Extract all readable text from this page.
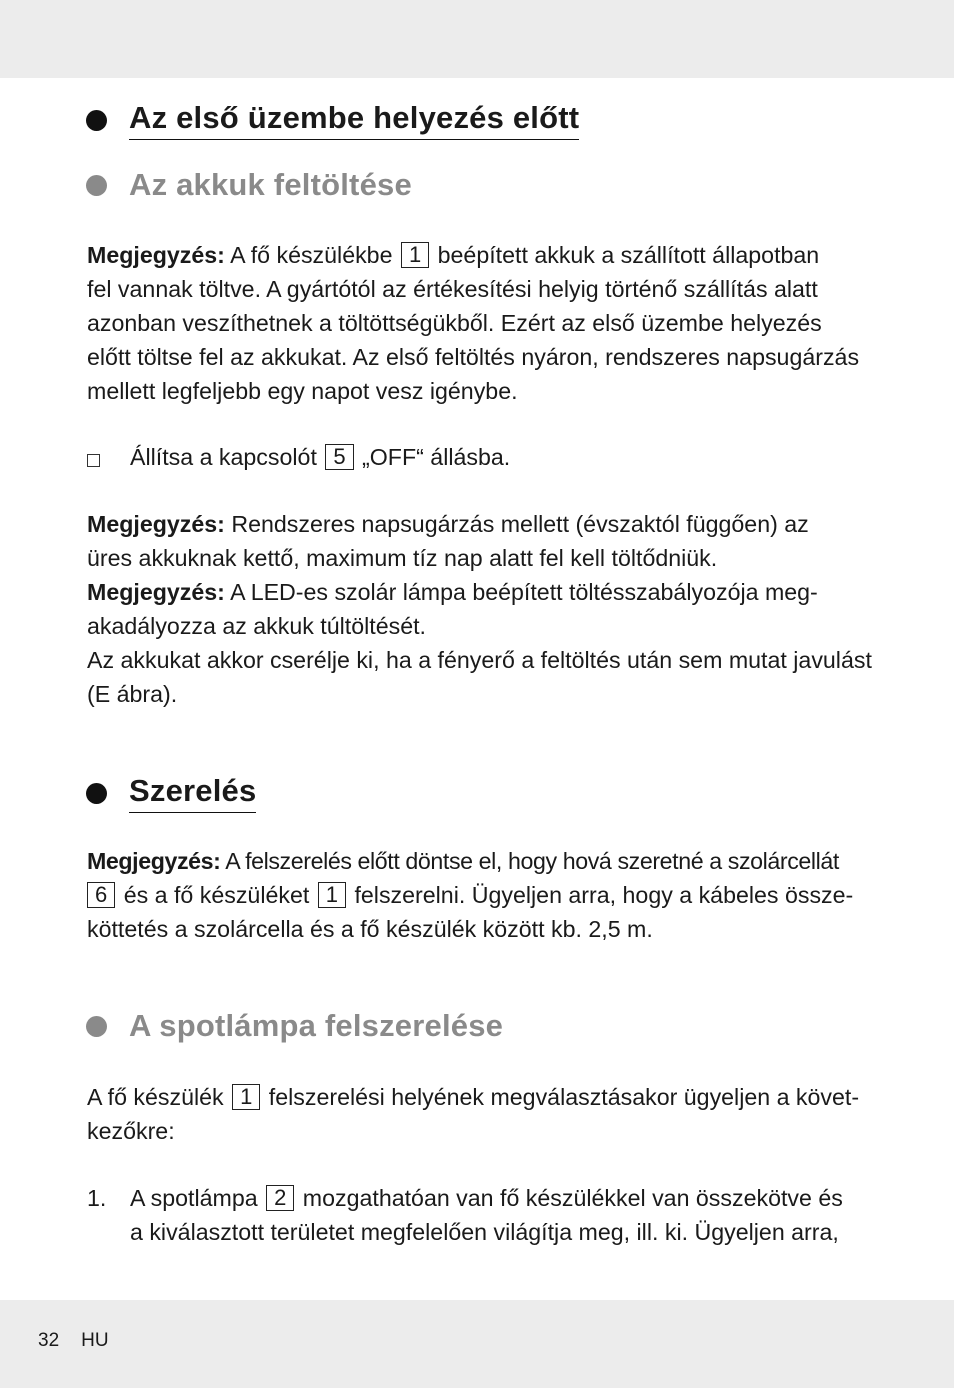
Az első üzembe helyezés előtt
Az akkuk feltöltése

Megjegyzés: A fő készülékbe 1 beépített akkuk a szállított állapotban

fel vannak töltve. A gyártótól az értékesítési helyig történő szállítás alatt

azonban veszíthetnek a töltöttségükből. Ezért az első üzembe helyezés

előtt töltse fel az akkukat. Az első feltöltés nyáron, rendszeres napsugárzás

mellett legfeljebb egy napot vesz igénybe.

Állítsa a kapcsolót 5 „OFF“ állásba.

Megjegyzés: Rendszeres napsugárzás mellett (évszaktól függően) az

üres akkuknak kettő, maximum tíz nap alatt fel kell töltődniük.

Megjegyzés: A LED-es szolár lámpa beépített töltésszabályozója meg-

akadályozza az akkuk túltöltését.

Az akkukat akkor cserélje ki, ha a fényerő a feltöltés után sem mutat javulást

(E ábra).

Szerelés

Megjegyzés: A felszerelés előtt döntse el, hogy hová szeretné a szolárcellát

6 és a fő készüléket 1 felszerelni. Ügyeljen arra, hogy a kábeles össze-

köttetés a szolárcella és a fő készülék között kb. 2,5 m.

A spotlámpa felszerelése

A fő készülék 1 felszerelési helyének megválasztásakor ügyeljen a követ-

kezőkre:

1. A spotlámpa 2 mozgathatóan van fő készülékkel van összekötve és
a kiválasztott területet megfelelően világítja meg, ill. ki. Ügyeljen arra,
32 HU
